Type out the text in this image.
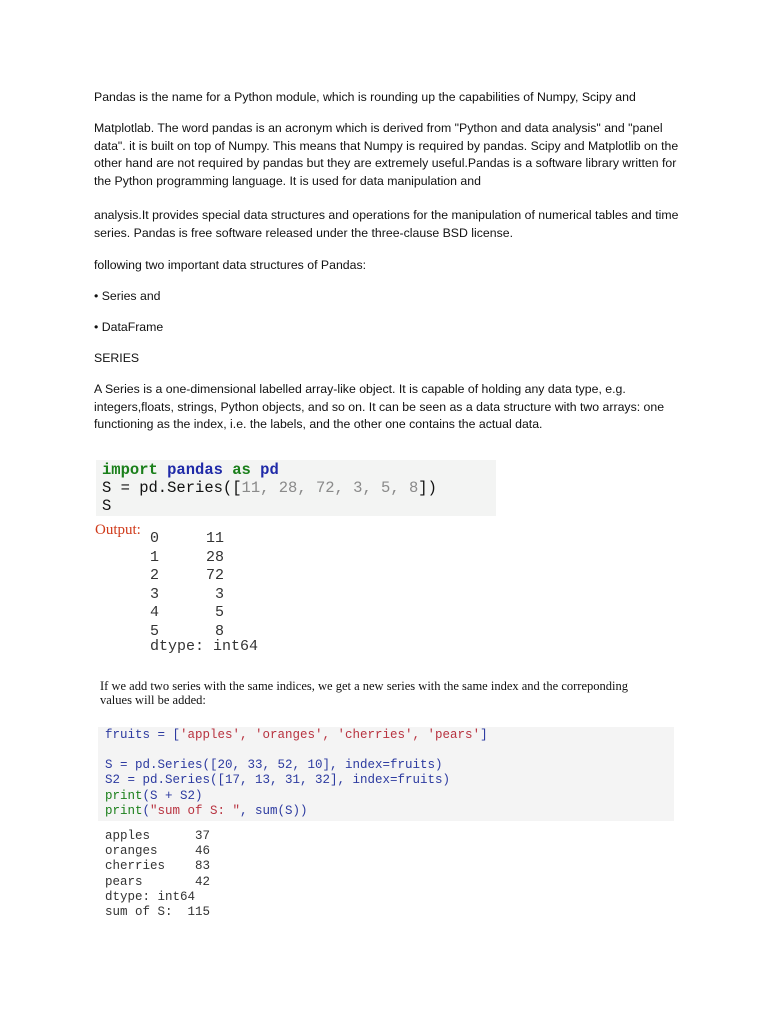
Pandas is the name for a Python module, which is rounding up the capabilities of Numpy, Scipy and

Matplotlab. The word pandas is an acronym which is derived from "Python and data analysis" and "panel data". it is built on top of Numpy. This means that Numpy is required by pandas. Scipy and Matplotlib on the other hand are not required by pandas but they are extremely useful.Pandas is a software library written for the Python programming language. It is used for data manipulation and

analysis.It provides special data structures and operations for the manipulation of numerical tables and time series. Pandas is free software released under the three-clause BSD license.

following two important data structures of Pandas:

• Series and

• DataFrame

SERIES

A Series is a one-dimensional labelled array-like object. It is capable of holding any data type, e.g. integers,floats, strings, Python objects, and so on. It can be seen as a data structure with two arrays: one functioning as the index, i.e. the labels, and the other one contains the actual data.

import pandas as pd
S = pd.Series([11, 28, 72, 3, 5, 8])
S
Output: 0	11
1	28
2	72
3	3
4	5
5	8
dtype: int64
If we add two series with the same indices, we get a new series with the same index and the correponding values will be added:
fruits = ['apples', 'oranges', 'cherries', 'pears']
S = pd.Series([20, 33, 52, 10], index=fruits)
S2 = pd.Series([17, 13, 31, 32], index=fruits)
print(S + S2)
print("sum of S: ", sum(S))
apples      37
oranges     46
cherries    83
pears       42
dtype: int64
sum of S:  115
